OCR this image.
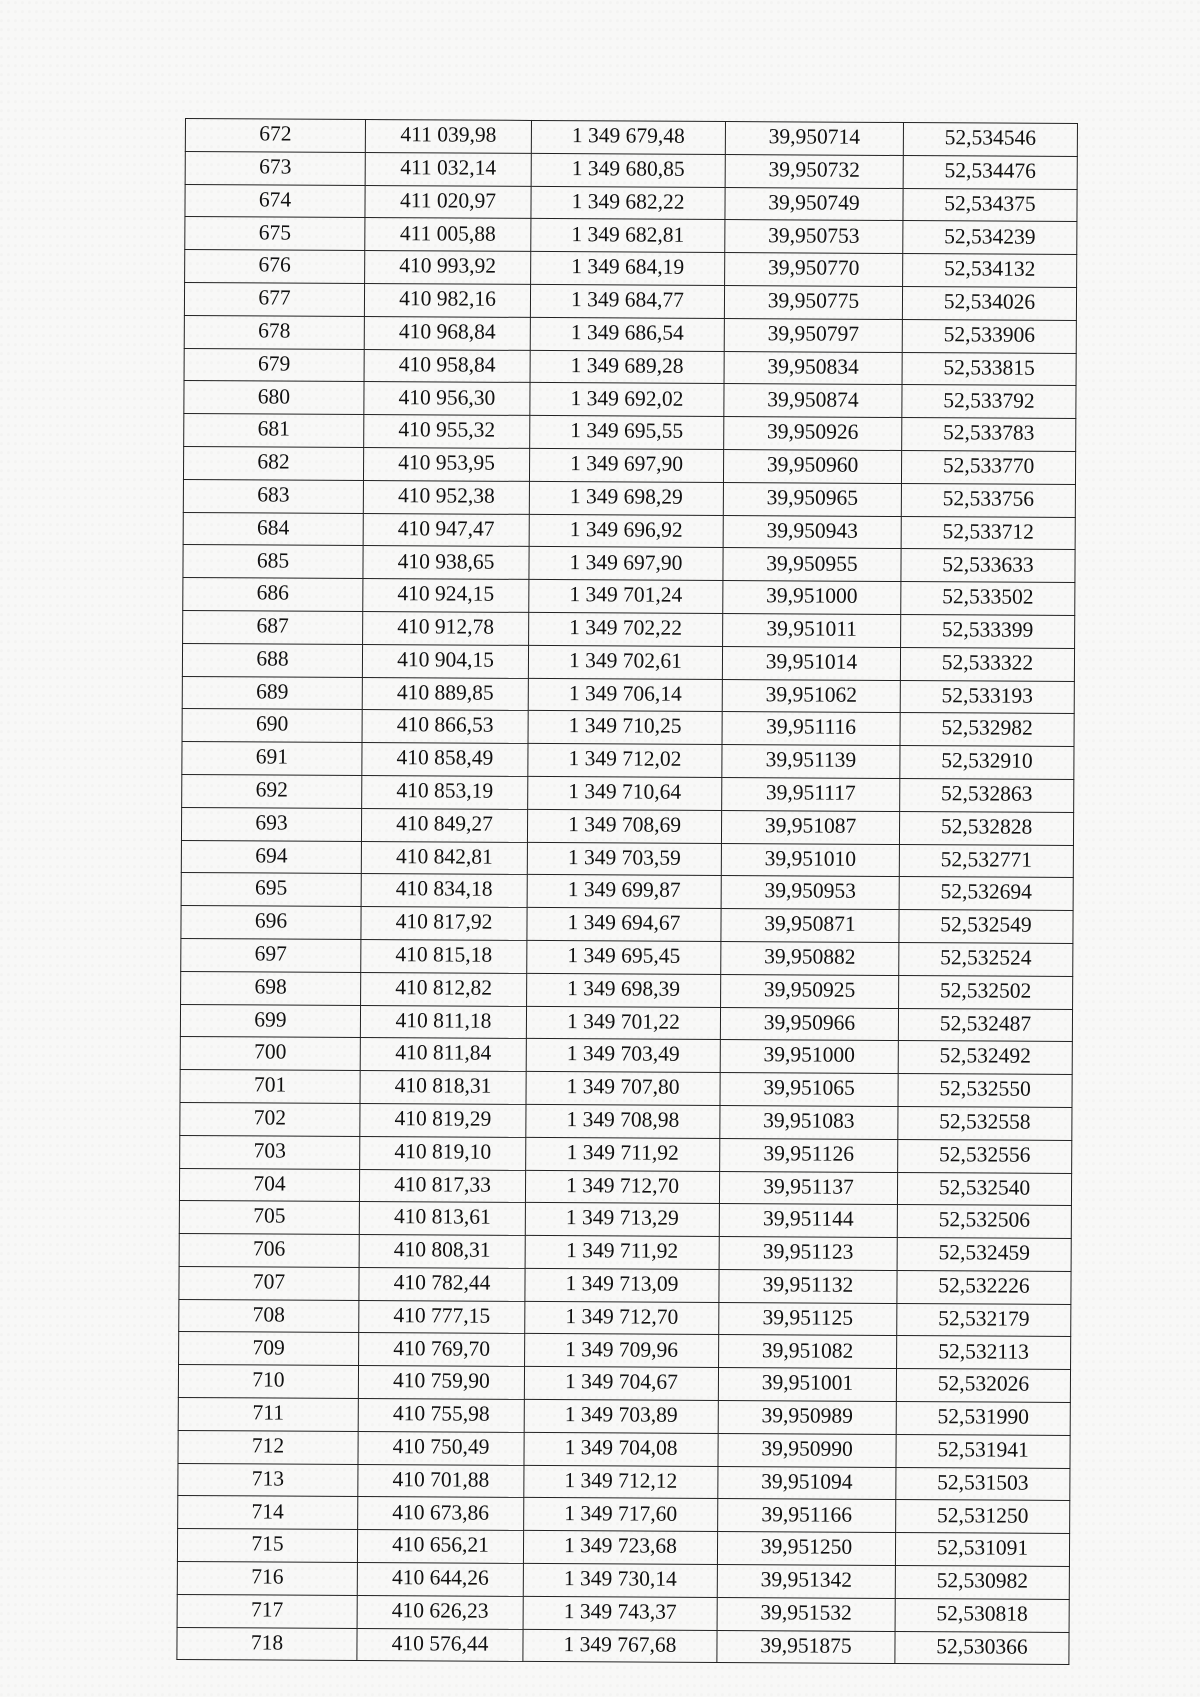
672	411 039,98	1 349 679,48	39,950714	52,534546
673	411 032,14	1 349 680,85	39,950732	52,534476
674	411 020,97	1 349 682,22	39,950749	52,534375
675	411 005,88	1 349 682,81	39,950753	52,534239
676	410 993,92	1 349 684,19	39,950770	52,534132
677	410 982,16	1 349 684,77	39,950775	52,534026
678	410 968,84	1 349 686,54	39,950797	52,533906
679	410 958,84	1 349 689,28	39,950834	52,533815
680	410 956,30	1 349 692,02	39,950874	52,533792
681	410 955,32	1 349 695,55	39,950926	52,533783
682	410 953,95	1 349 697,90	39,950960	52,533770
683	410 952,38	1 349 698,29	39,950965	52,533756
684	410 947,47	1 349 696,92	39,950943	52,533712
685	410 938,65	1 349 697,90	39,950955	52,533633
686	410 924,15	1 349 701,24	39,951000	52,533502
687	410 912,78	1 349 702,22	39,951011	52,533399
688	410 904,15	1 349 702,61	39,951014	52,533322
689	410 889,85	1 349 706,14	39,951062	52,533193
690	410 866,53	1 349 710,25	39,951116	52,532982
691	410 858,49	1 349 712,02	39,951139	52,532910
692	410 853,19	1 349 710,64	39,951117	52,532863
693	410 849,27	1 349 708,69	39,951087	52,532828
694	410 842,81	1 349 703,59	39,951010	52,532771
695	410 834,18	1 349 699,87	39,950953	52,532694
696	410 817,92	1 349 694,67	39,950871	52,532549
697	410 815,18	1 349 695,45	39,950882	52,532524
698	410 812,82	1 349 698,39	39,950925	52,532502
699	410 811,18	1 349 701,22	39,950966	52,532487
700	410 811,84	1 349 703,49	39,951000	52,532492
701	410 818,31	1 349 707,80	39,951065	52,532550
702	410 819,29	1 349 708,98	39,951083	52,532558
703	410 819,10	1 349 711,92	39,951126	52,532556
704	410 817,33	1 349 712,70	39,951137	52,532540
705	410 813,61	1 349 713,29	39,951144	52,532506
706	410 808,31	1 349 711,92	39,951123	52,532459
707	410 782,44	1 349 713,09	39,951132	52,532226
708	410 777,15	1 349 712,70	39,951125	52,532179
709	410 769,70	1 349 709,96	39,951082	52,532113
710	410 759,90	1 349 704,67	39,951001	52,532026
711	410 755,98	1 349 703,89	39,950989	52,531990
712	410 750,49	1 349 704,08	39,950990	52,531941
713	410 701,88	1 349 712,12	39,951094	52,531503
714	410 673,86	1 349 717,60	39,951166	52,531250
715	410 656,21	1 349 723,68	39,951250	52,531091
716	410 644,26	1 349 730,14	39,951342	52,530982
717	410 626,23	1 349 743,37	39,951532	52,530818
718	410 576,44	1 349 767,68	39,951875	52,530366
